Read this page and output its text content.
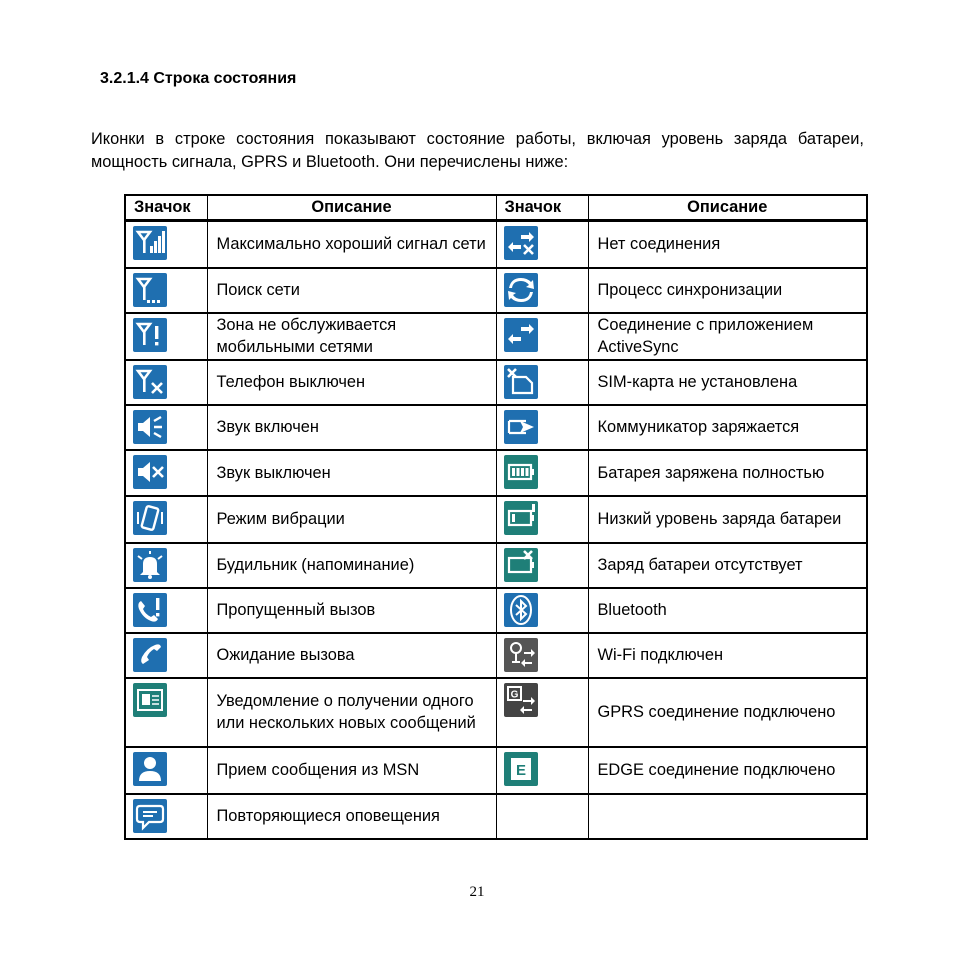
3.2.1.4 Строка состояния
Иконки в строке состояния показывают состояние работы, включая уровень заряда батареи, мощность сигнала, GPRS и Bluetooth. Они перечислены ниже:
Значок	Описание	Значок	Описание

	Максимально хороший сигнал сети		Нет соединения

	Поиск сети		Процесс синхронизации

	Зона не обслуживается мобильными сетями		Соединение с приложением ActiveSync

	Телефон выключен		SIM-карта не установлена

	Звук включен		Коммуникатор заряжается

	Звук выключен		Батарея заряжена полностью

	Режим вибрации		Низкий уровень заряда батареи

	Будильник (напоминание)		Заряд батареи отсутствует

	Пропущенный вызов		Bluetooth

	Ожидание вызова		Wi-Fi подключен

	Уведомление о получении одного или нескольких новых сообщений	G	GPRS соединение подключено

	Прием сообщения из MSN	E	EDGE соединение подключено

	Повторяющиеся оповещения		
21
